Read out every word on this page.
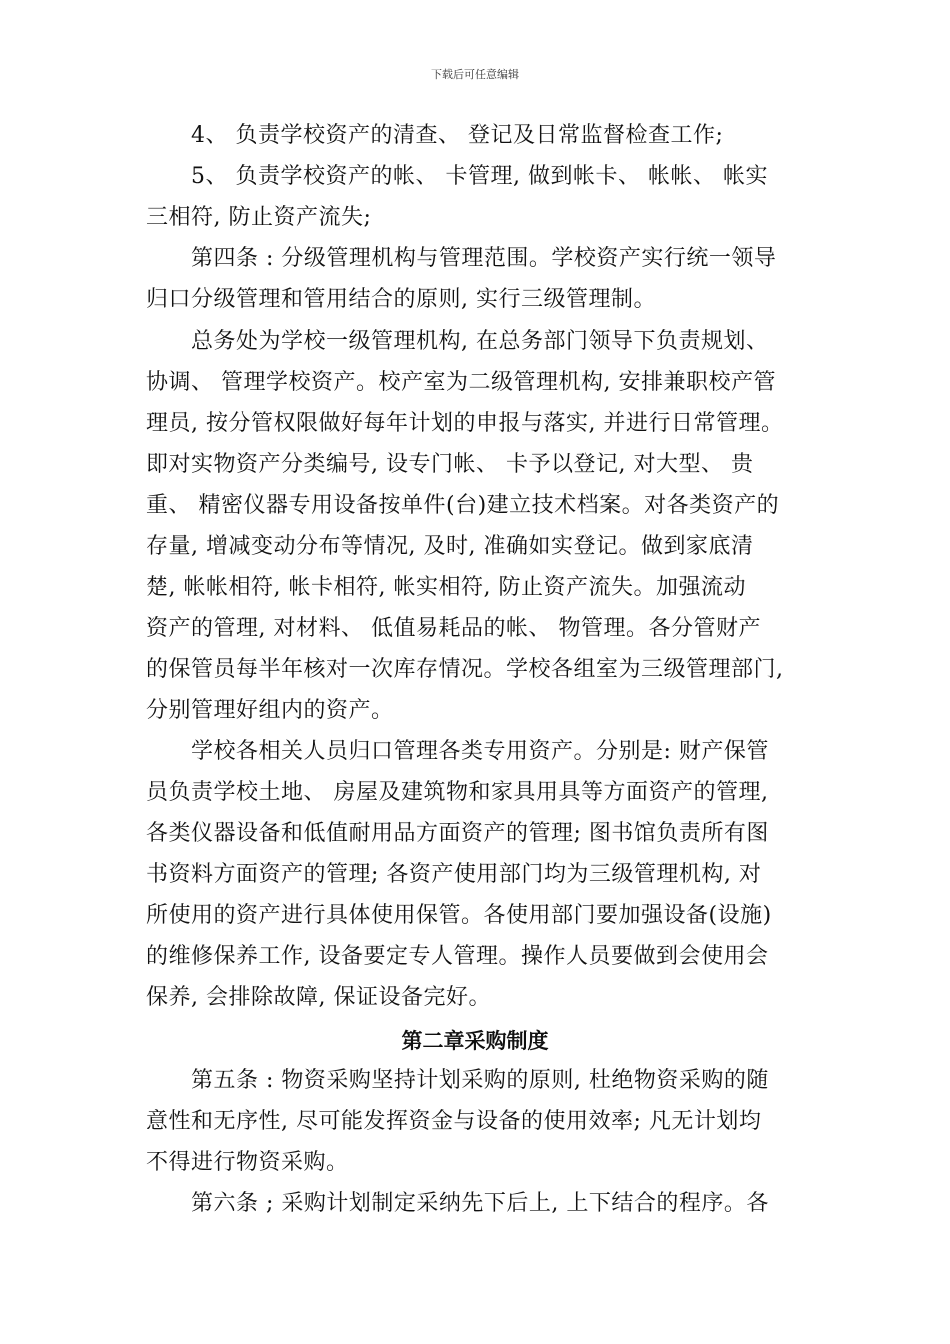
下载后可任意编辑
4、 负责学校资产的清查、 登记及日常监督检查工作;
5、 负责学校资产的帐、 卡管理, 做到帐卡、 帐帐、 帐实
三相符, 防止资产流失;
第四条 : 分级管理机构与管理范围。学校资产实行统一领导
归口分级管理和管用结合的原则, 实行三级管理制。
总务处为学校一级管理机构, 在总务部门领导下负责规划、
协调、 管理学校资产。校产室为二级管理机构, 安排兼职校产管
理员, 按分管权限做好每年计划的申报与落实, 并进行日常管理。
即对实物资产分类编号, 设专门帐、 卡予以登记, 对大型、 贵
重、 精密仪器专用设备按单件(台)建立技术档案。对各类资产的
存量, 增减变动分布等情况, 及时, 准确如实登记。做到家底清
楚, 帐帐相符, 帐卡相符, 帐实相符, 防止资产流失。加强流动
资产的管理, 对材料、 低值易耗品的帐、 物管理。各分管财产
的保管员每半年核对一次库存情况。学校各组室为三级管理部门,
分别管理好组内的资产。
学校各相关人员归口管理各类专用资产。分别是: 财产保管
员负责学校土地、 房屋及建筑物和家具用具等方面资产的管理,
各类仪器设备和低值耐用品方面资产的管理; 图书馆负责所有图
书资料方面资产的管理; 各资产使用部门均为三级管理机构, 对
所使用的资产进行具体使用保管。各使用部门要加强设备(设施)
的维修保养工作, 设备要定专人管理。操作人员要做到会使用会
保养, 会排除故障, 保证设备完好。
第二章采购制度
第五条 : 物资采购坚持计划采购的原则, 杜绝物资采购的随
意性和无序性, 尽可能发挥资金与设备的使用效率; 凡无计划均
不得进行物资采购。
第六条 ; 采购计划制定采纳先下后上, 上下结合的程序。各
